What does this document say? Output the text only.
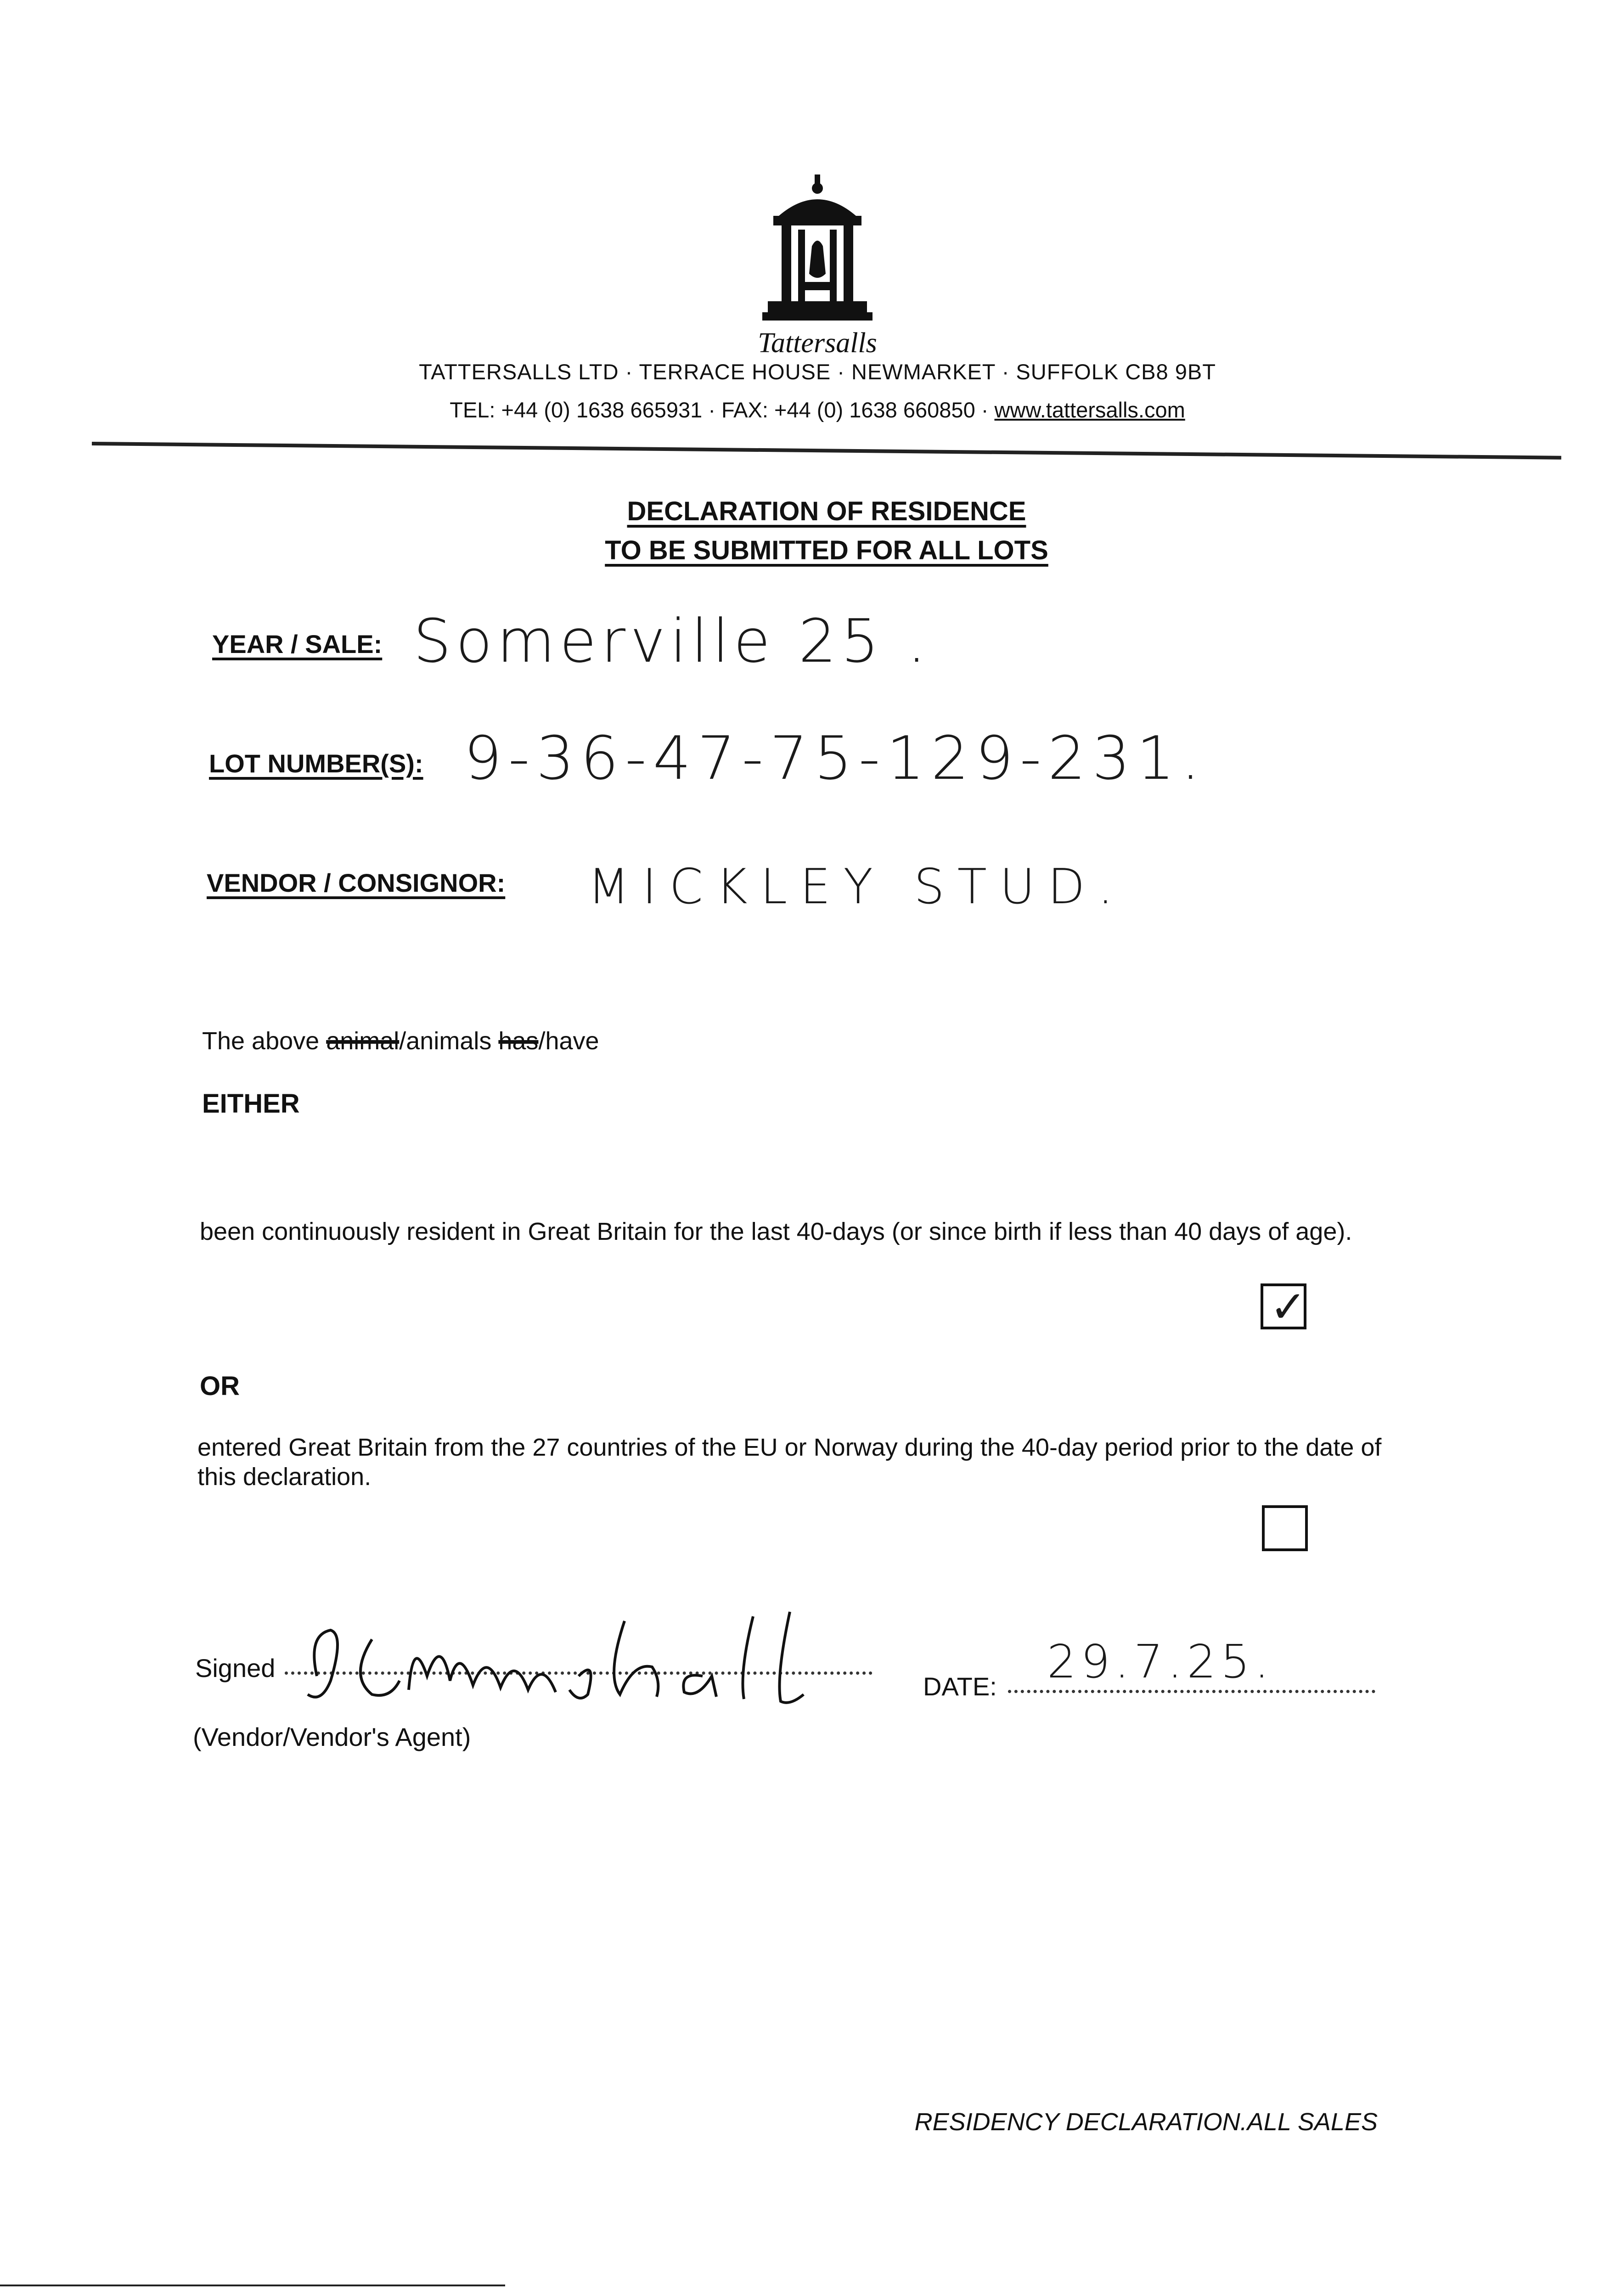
Tattersalls
TATTERSALLS LTD · TERRACE HOUSE · NEWMARKET · SUFFOLK CB8 9BT
TEL: +44 (0) 1638 665931 · FAX: +44 (0) 1638 660850 · www.tattersalls.com
DECLARATION OF RESIDENCE
TO BE SUBMITTED FOR ALL LOTS
YEAR / SALE: Somerville 25 .
LOT NUMBER(S): 9-36-47-75-129-231.
VENDOR / CONSIGNOR: MICKLEY STUD.
The above animal/animals has/have
EITHER
been continuously resident in Great Britain for the last 40-days (or since birth if less than 40 days of age).
✓
OR
entered Great Britain from the 27 countries of the EU or Norway during the 40-day period prior to the date of this declaration.
Signed
(Vendor/Vendor's Agent)
DATE: 29.7.25.
RESIDENCY DECLARATION.ALL SALES
